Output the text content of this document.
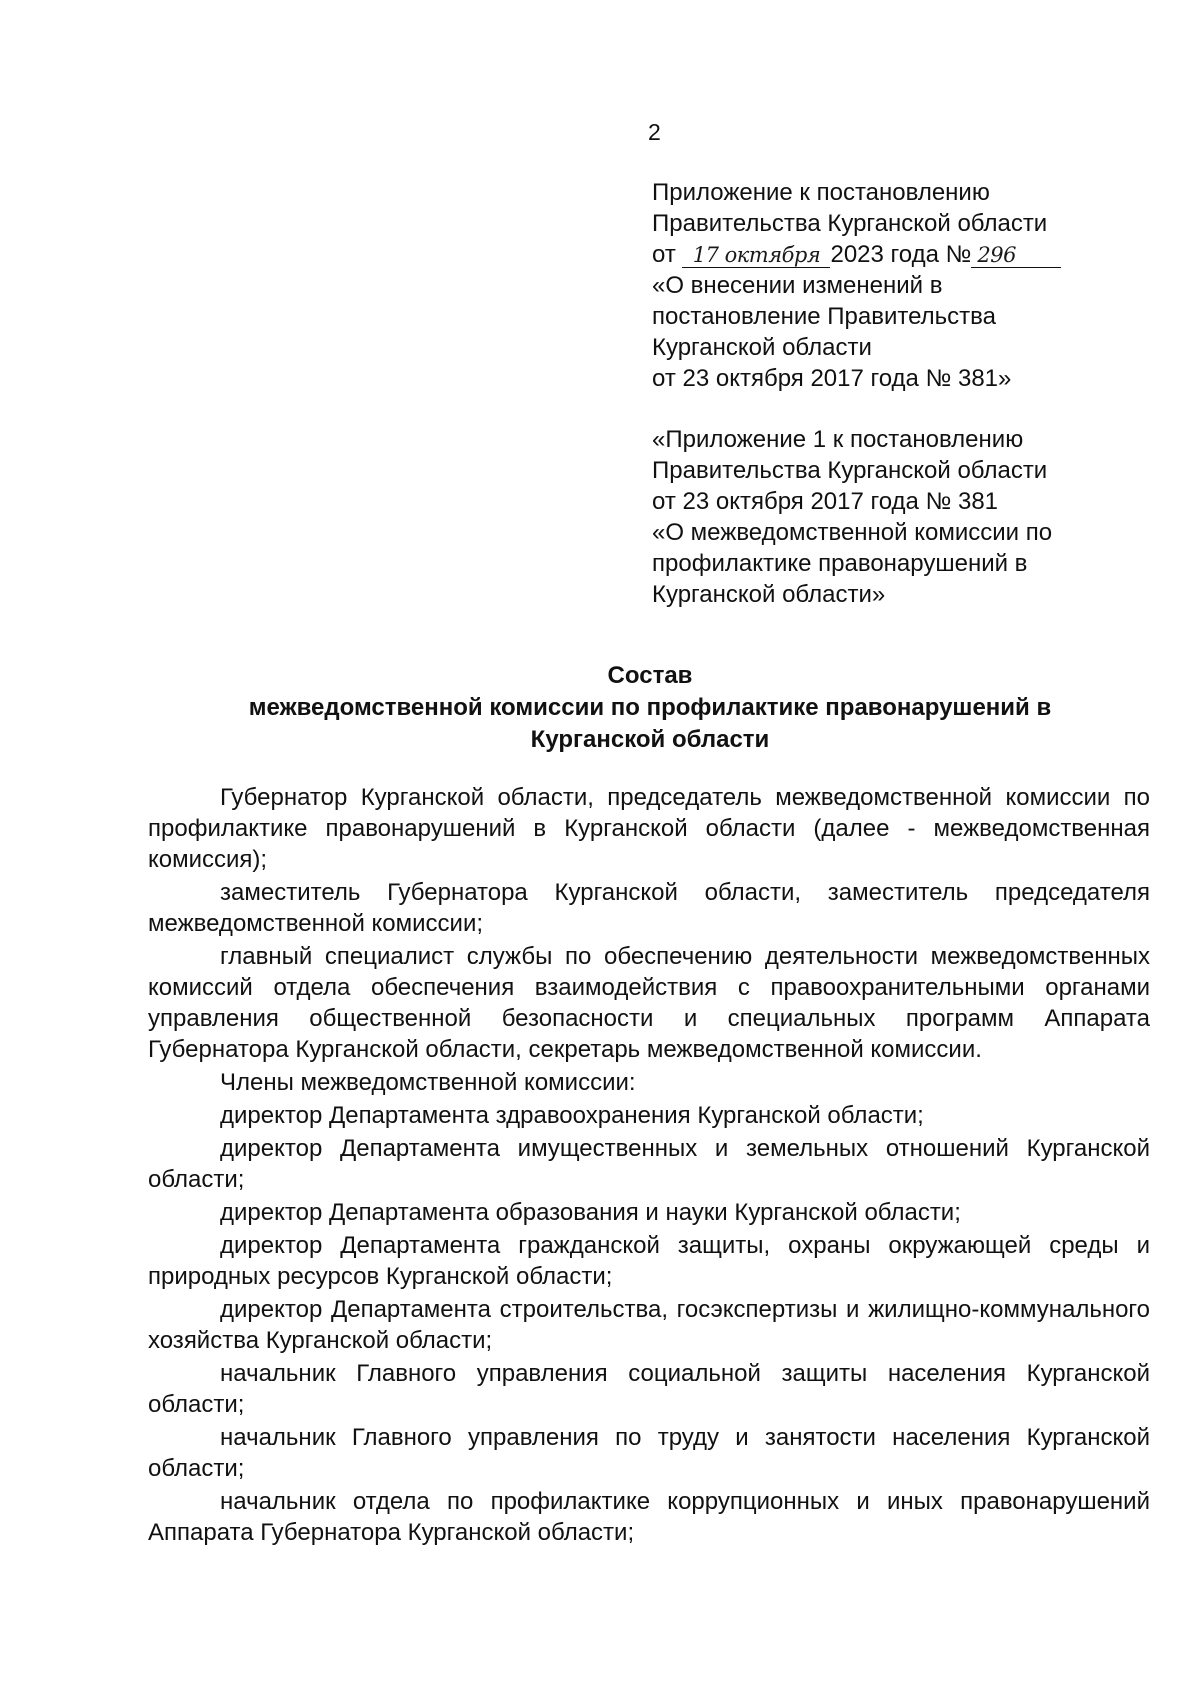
2
Приложение к постановлению
Правительства Курганской области
от 17 октября 2023 года № 296
«О внесении изменений в
постановление Правительства
Курганской области
от 23 октября 2017 года № 381»
«Приложение 1 к постановлению
Правительства Курганской области
от 23 октября 2017 года № 381
«О межведомственной комиссии по
профилактике правонарушений в
Курганской области»
Состав
межведомственной комиссии по профилактике правонарушений в
Курганской области

Губернатор Курганской области, председатель межведомственной комиссии по профилактике правонарушений в Курганской области (далее - межведомственная комиссия);

заместитель Губернатора Курганской области, заместитель председателя межведомственной комиссии;

главный специалист службы по обеспечению деятельности межведомственных комиссий отдела обеспечения взаимодействия с правоохранительными органами управления общественной безопасности и специальных программ Аппарата Губернатора Курганской области, секретарь межведомственной комиссии.

Члены межведомственной комиссии:

директор Департамента здравоохранения Курганской области;

директор Департамента имущественных и земельных отношений Курганской области;

директор Департамента образования и науки Курганской области;

директор Департамента гражданской защиты, охраны окружающей среды и природных ресурсов Курганской области;

директор Департамента строительства, госэкспертизы и жилищно-коммунального хозяйства Курганской области;

начальник Главного управления социальной защиты населения Курганской области;

начальник Главного управления по труду и занятости населения Курганской области;

начальник отдела по профилактике коррупционных и иных правонарушений Аппарата Губернатора Курганской области;
